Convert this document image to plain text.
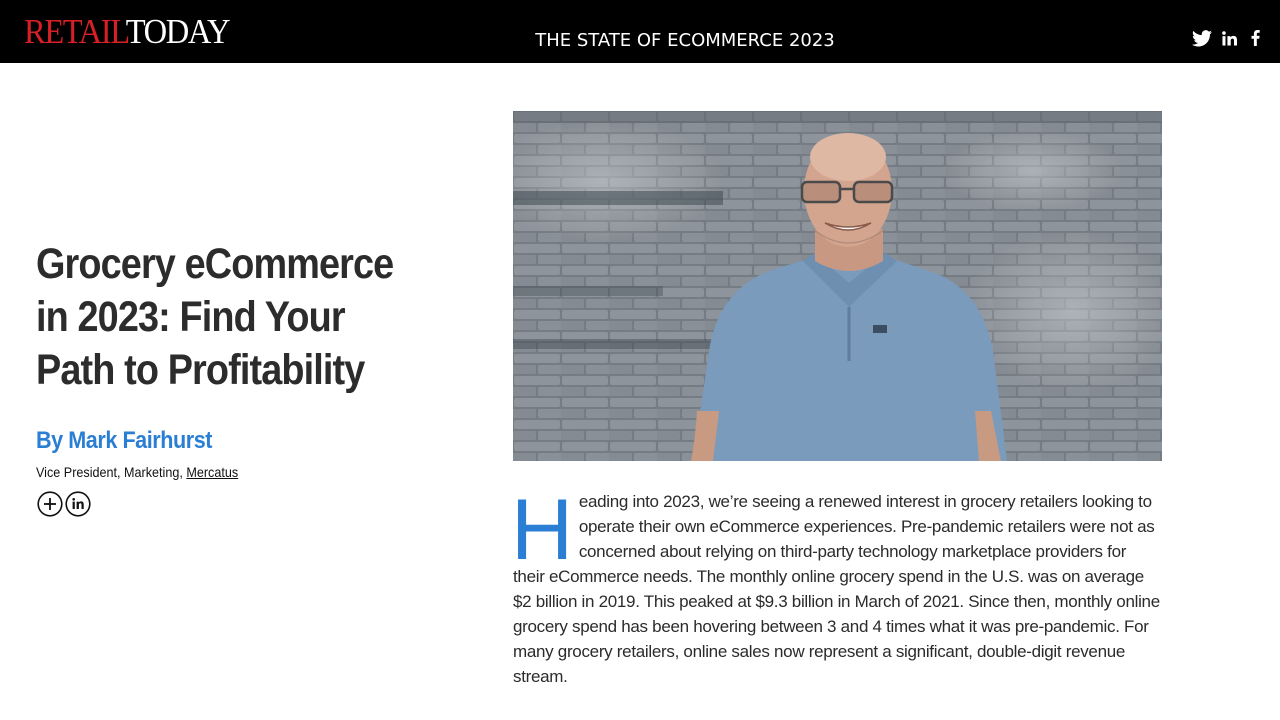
RETAILTODAY	THE STATE OF ECOMMERCE 2023
Grocery eCommerce in 2023: Find Your Path to Profitability
By Mark Fairhurst
Vice President, Marketing, Mercatus

Heading into 2023, we’re seeing a renewed interest in grocery retailers looking to operate their own eCommerce experiences. Pre-pandemic retailers were not as concerned about relying on third-party technology marketplace providers for their eCommerce needs. The monthly online grocery spend in the U.S. was on average $2 billion in 2019. This peaked at $9.3 billion in March of 2021. Since then, monthly online grocery spend has been hovering between 3 and 4 times what it was pre-pandemic. For many grocery retailers, online sales now represent a significant, double-digit revenue stream.
